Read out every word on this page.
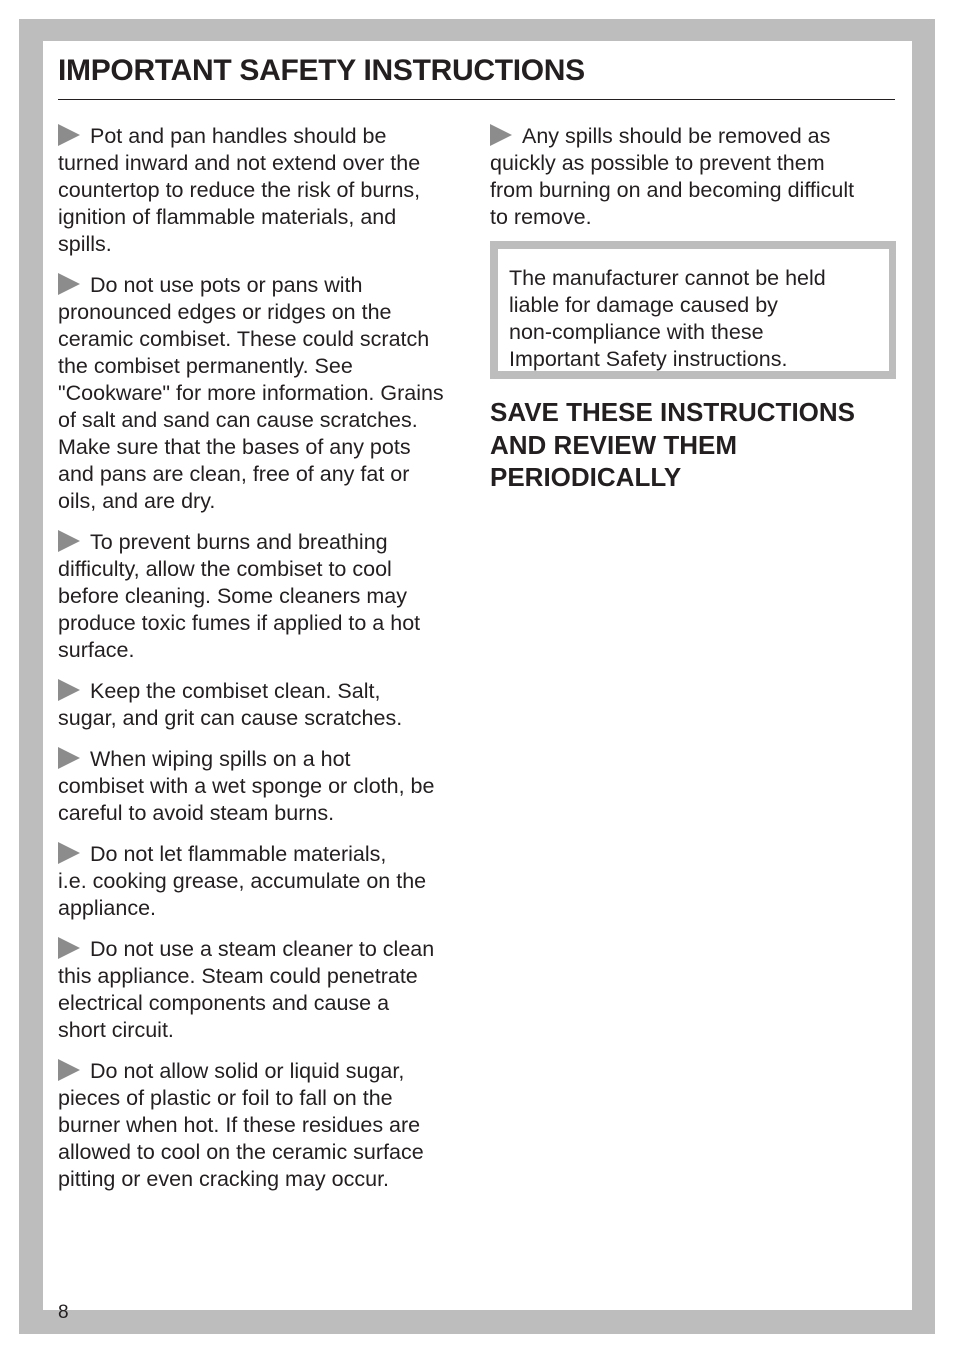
IMPORTANT SAFETY INSTRUCTIONS

Pot and pan handles should be
turned inward and not extend over the
countertop to reduce the risk of burns,
ignition of flammable materials, and
spills.

Do not use pots or pans with
pronounced edges or ridges on the
ceramic combiset. These could scratch
the combiset permanently. See
"Cookware" for more information. Grains
of salt and sand can cause scratches.
Make sure that the bases of any pots
and pans are clean, free of any fat or
oils, and are dry.

To prevent burns and breathing
difficulty, allow the combiset to cool
before cleaning. Some cleaners may
produce toxic fumes if applied to a hot
surface.

Keep the combiset clean. Salt,
sugar, and grit can cause scratches.

When wiping spills on a hot
combiset with a wet sponge or cloth, be
careful to avoid steam burns.

Do not let flammable materials,
i.e. cooking grease, accumulate on the
appliance.

Do not use a steam cleaner to clean
this appliance. Steam could penetrate
electrical components and cause a
short circuit.

Do not allow solid or liquid sugar,
pieces of plastic or foil to fall on the
burner when hot. If these residues are
allowed to cool on the ceramic surface
pitting or even cracking may occur.

Any spills should be removed as
quickly as possible to prevent them
from burning on and becoming difficult
to remove.

The manufacturer cannot be held
liable for damage caused by
non-compliance with these
Important Safety instructions.
SAVE THESE INSTRUCTIONS
AND REVIEW THEM
PERIODICALLY
8
